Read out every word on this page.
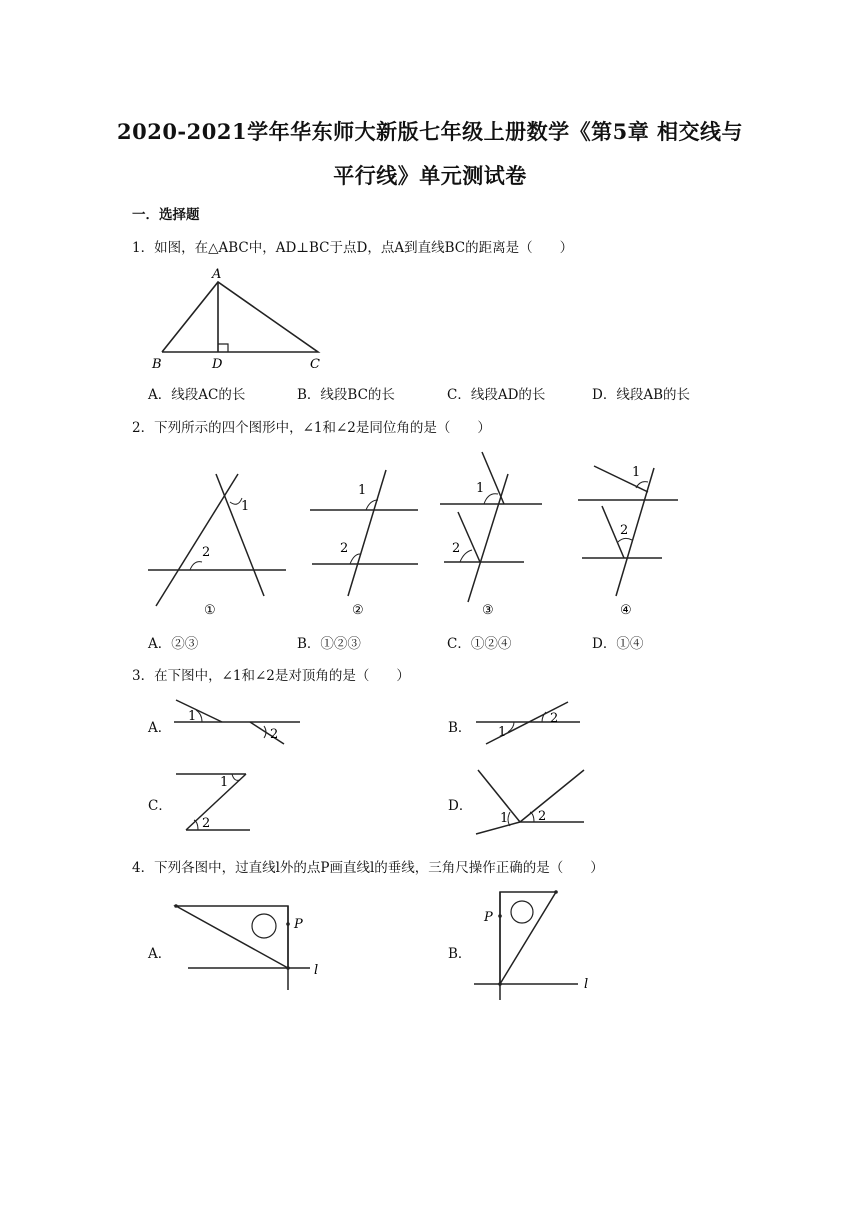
2020-2021学年华东师大新版七年级上册数学《第5章 相交线与
平行线》单元测试卷
一．选择题
1．如图，在△ABC中，AD⊥BC于点D，点A到直线BC的距离是（　　）
A
B	D	C
A．线段AC的长	B．线段BC的长	C．线段AD的长	D．线段AB的长
2．下列所示的四个图形中，∠1和∠2是同位角的是（　　）
1
2
①
1
2
②
1
2
③
1
2
④
A．②③	B．①②③	C．①②④	D．①④
3．在下图中，∠1和∠2是对顶角的是（　　）
A．
1
2	B． 1
2
C．
1
2
D．
1 2
4．下列各图中，过直线l外的点P画直线l的垂线，三角尺操作正确的是（　　）
A．
P
l
B．
P
l
